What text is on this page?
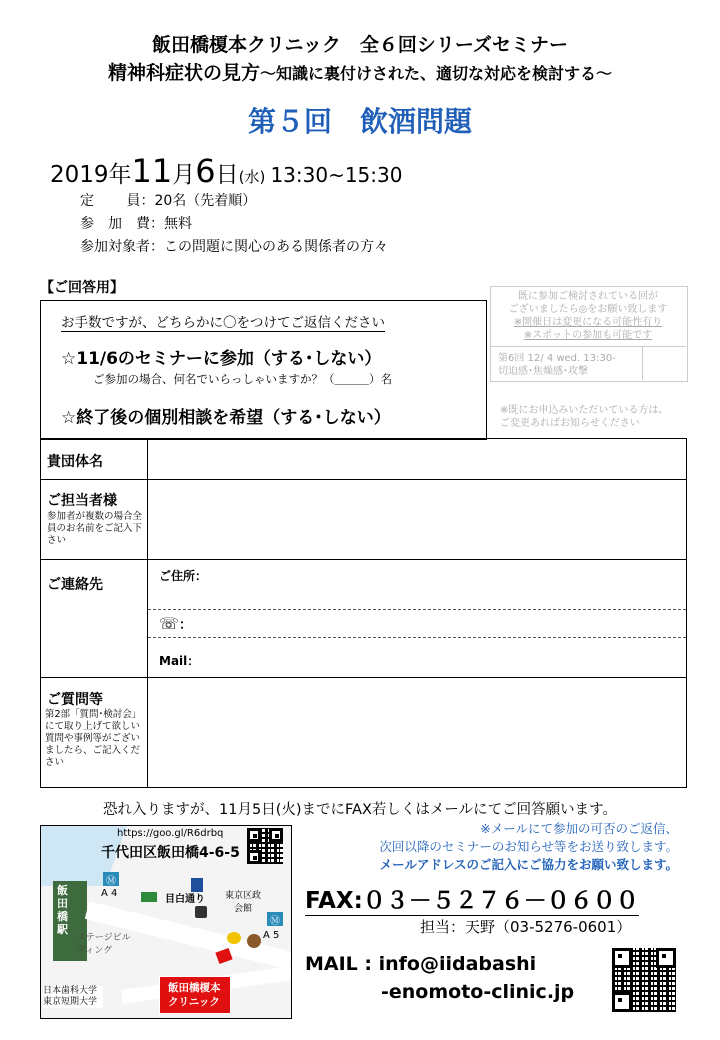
飯田橋榎本クリニック　全６回シリーズセミナー
精神科症状の見方〜知識に裏付けされた、適切な対応を検討する〜
第５回　飲酒問題
2019年11月6日(水) 13:30~15:30
定　　 員：20名（先着順）
参　加　費：無料
参加対象者：この問題に関心のある関係者の方々
【ご回答用】
お手数ですが、どちらかに〇をつけてご返信ください
☆11/6のセミナーに参加（する･しない）
ご参加の場合、何名でいらっしゃいますか？（＿＿＿）名
☆終了後の個別相談を希望（する･しない）
既に参加ご検討されている回が
ございましたら◎をお願い致します
※開催日は変更になる可能性有り
※スポットの参加も可能です
第6回 12/ 4 wed. 13:30-
切迫感･焦燥感･攻撃
※既にお申込みいただいている方は、
ご変更あればお知らせください
貴団体名
ご担当者様
参加者が複数の場合全員のお名前をご記入下さい
ご連絡先
ご住所：
☏：
Mail：
ご質問等
第2部「質問･検討会」にて取り上げて欲しい質問や事例等がございましたら、ご記入ください
恐れ入りますが、11月5日(火)までにFAX若しくはメールにてご回答願います。
飯田橋駅
https://goo.gl/R6drbq
千代田区飯田橋4-6-5
Ⓜ
A 4
目白通り	東京区政会館
Ⓜ
A 5
ステージビルディング
日本歯科大学
東京短期大学
飯田橋榎本
クリニック
※メールにて参加の可否のご返信、
次回以降のセミナーのお知らせ等をお送り致します。
メールアドレスのご記入にご協力をお願い致します。
FAX:０３－５２７６－０６００
担当：天野（03-5276-0601）
MAIL : info@iidabashi
-enomoto-clinic.jp
